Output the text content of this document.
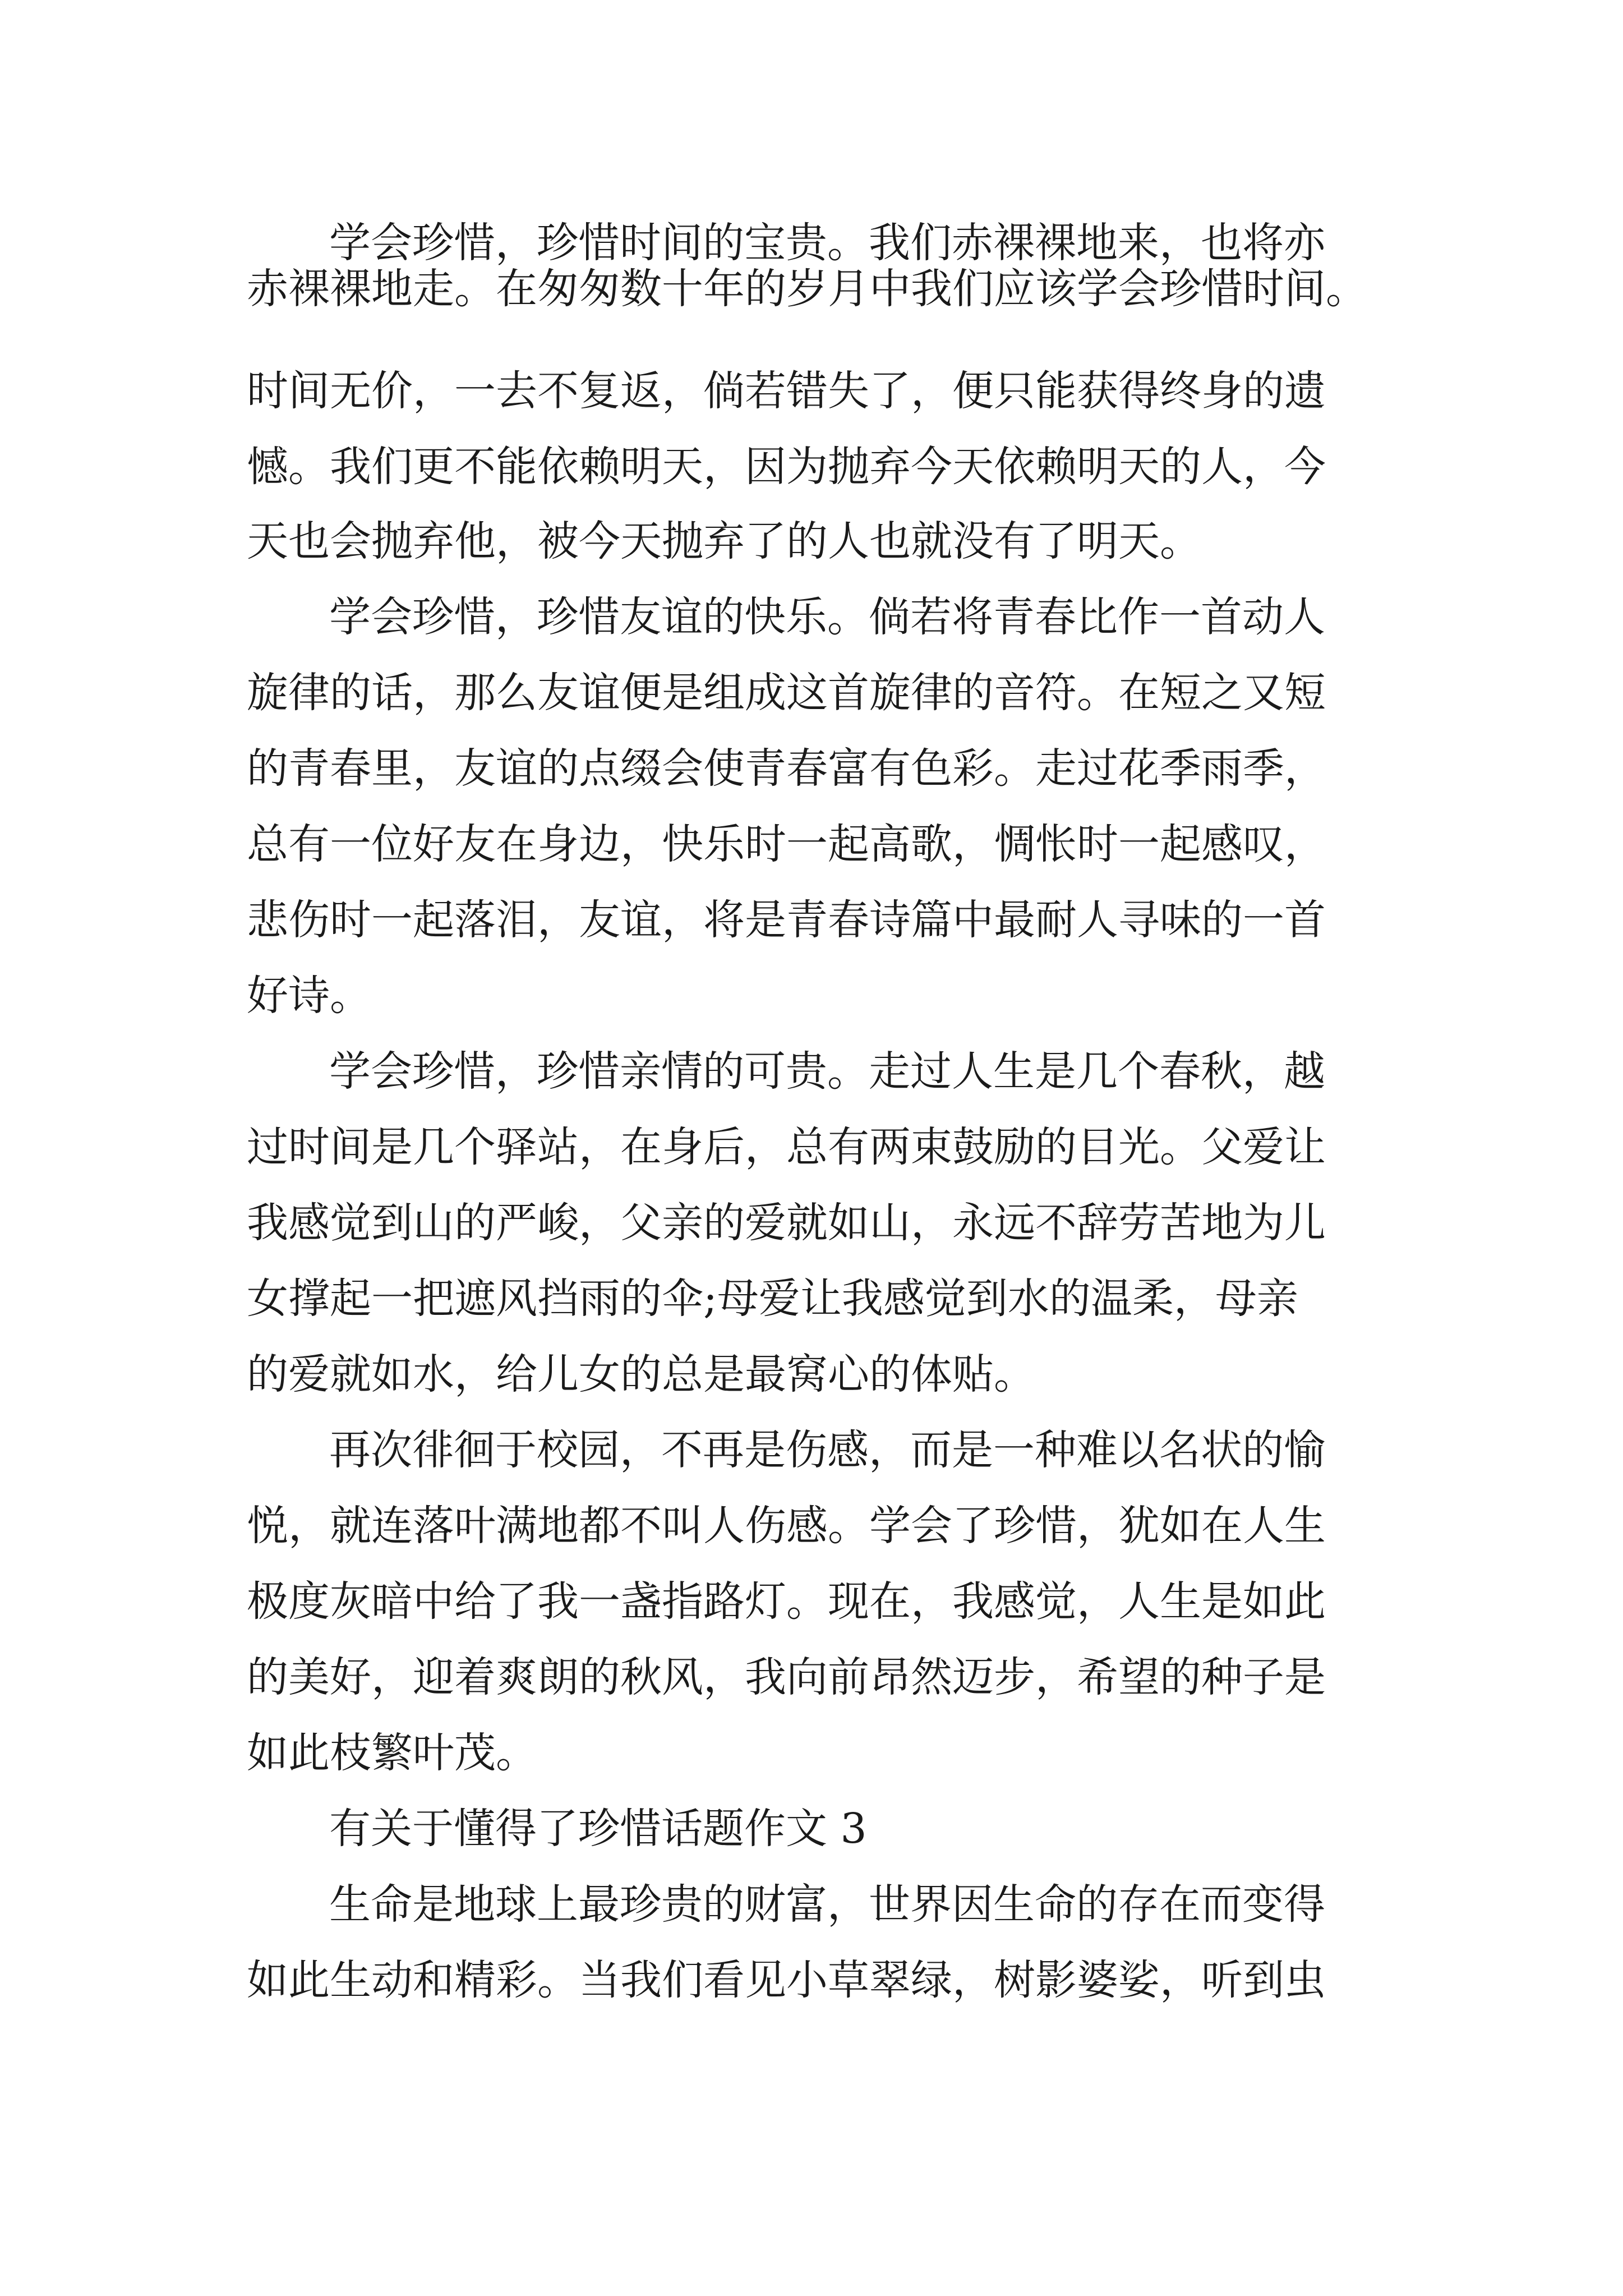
学会珍惜，珍惜时间的宝贵。我们赤裸裸地来，也将亦

赤裸裸地走。在匆匆数十年的岁月中我们应该学会珍惜时间。

时间无价，一去不复返，倘若错失了，便只能获得终身的遗

憾。我们更不能依赖明天，因为抛弃今天依赖明天的人，今

天也会抛弃他，被今天抛弃了的人也就没有了明天。

学会珍惜，珍惜友谊的快乐。倘若将青春比作一首动人

旋律的话，那么友谊便是组成这首旋律的音符。在短之又短

的青春里，友谊的点缀会使青春富有色彩。走过花季雨季，

总有一位好友在身边，快乐时一起高歌，惆怅时一起感叹，

悲伤时一起落泪，友谊，将是青春诗篇中最耐人寻味的一首

好诗。

学会珍惜，珍惜亲情的可贵。走过人生是几个春秋，越

过时间是几个驿站，在身后，总有两束鼓励的目光。父爱让

我感觉到山的严峻，父亲的爱就如山，永远不辞劳苦地为儿

女撑起一把遮风挡雨的伞;母爱让我感觉到水的温柔，母亲

的爱就如水，给儿女的总是最窝心的体贴。

再次徘徊于校园，不再是伤感，而是一种难以名状的愉

悦，就连落叶满地都不叫人伤感。学会了珍惜，犹如在人生

极度灰暗中给了我一盏指路灯。现在，我感觉，人生是如此

的美好，迎着爽朗的秋风，我向前昂然迈步，希望的种子是

如此枝繁叶茂。

有关于懂得了珍惜话题作文 3

生命是地球上最珍贵的财富，世界因生命的存在而变得

如此生动和精彩。当我们看见小草翠绿，树影婆娑，听到虫
